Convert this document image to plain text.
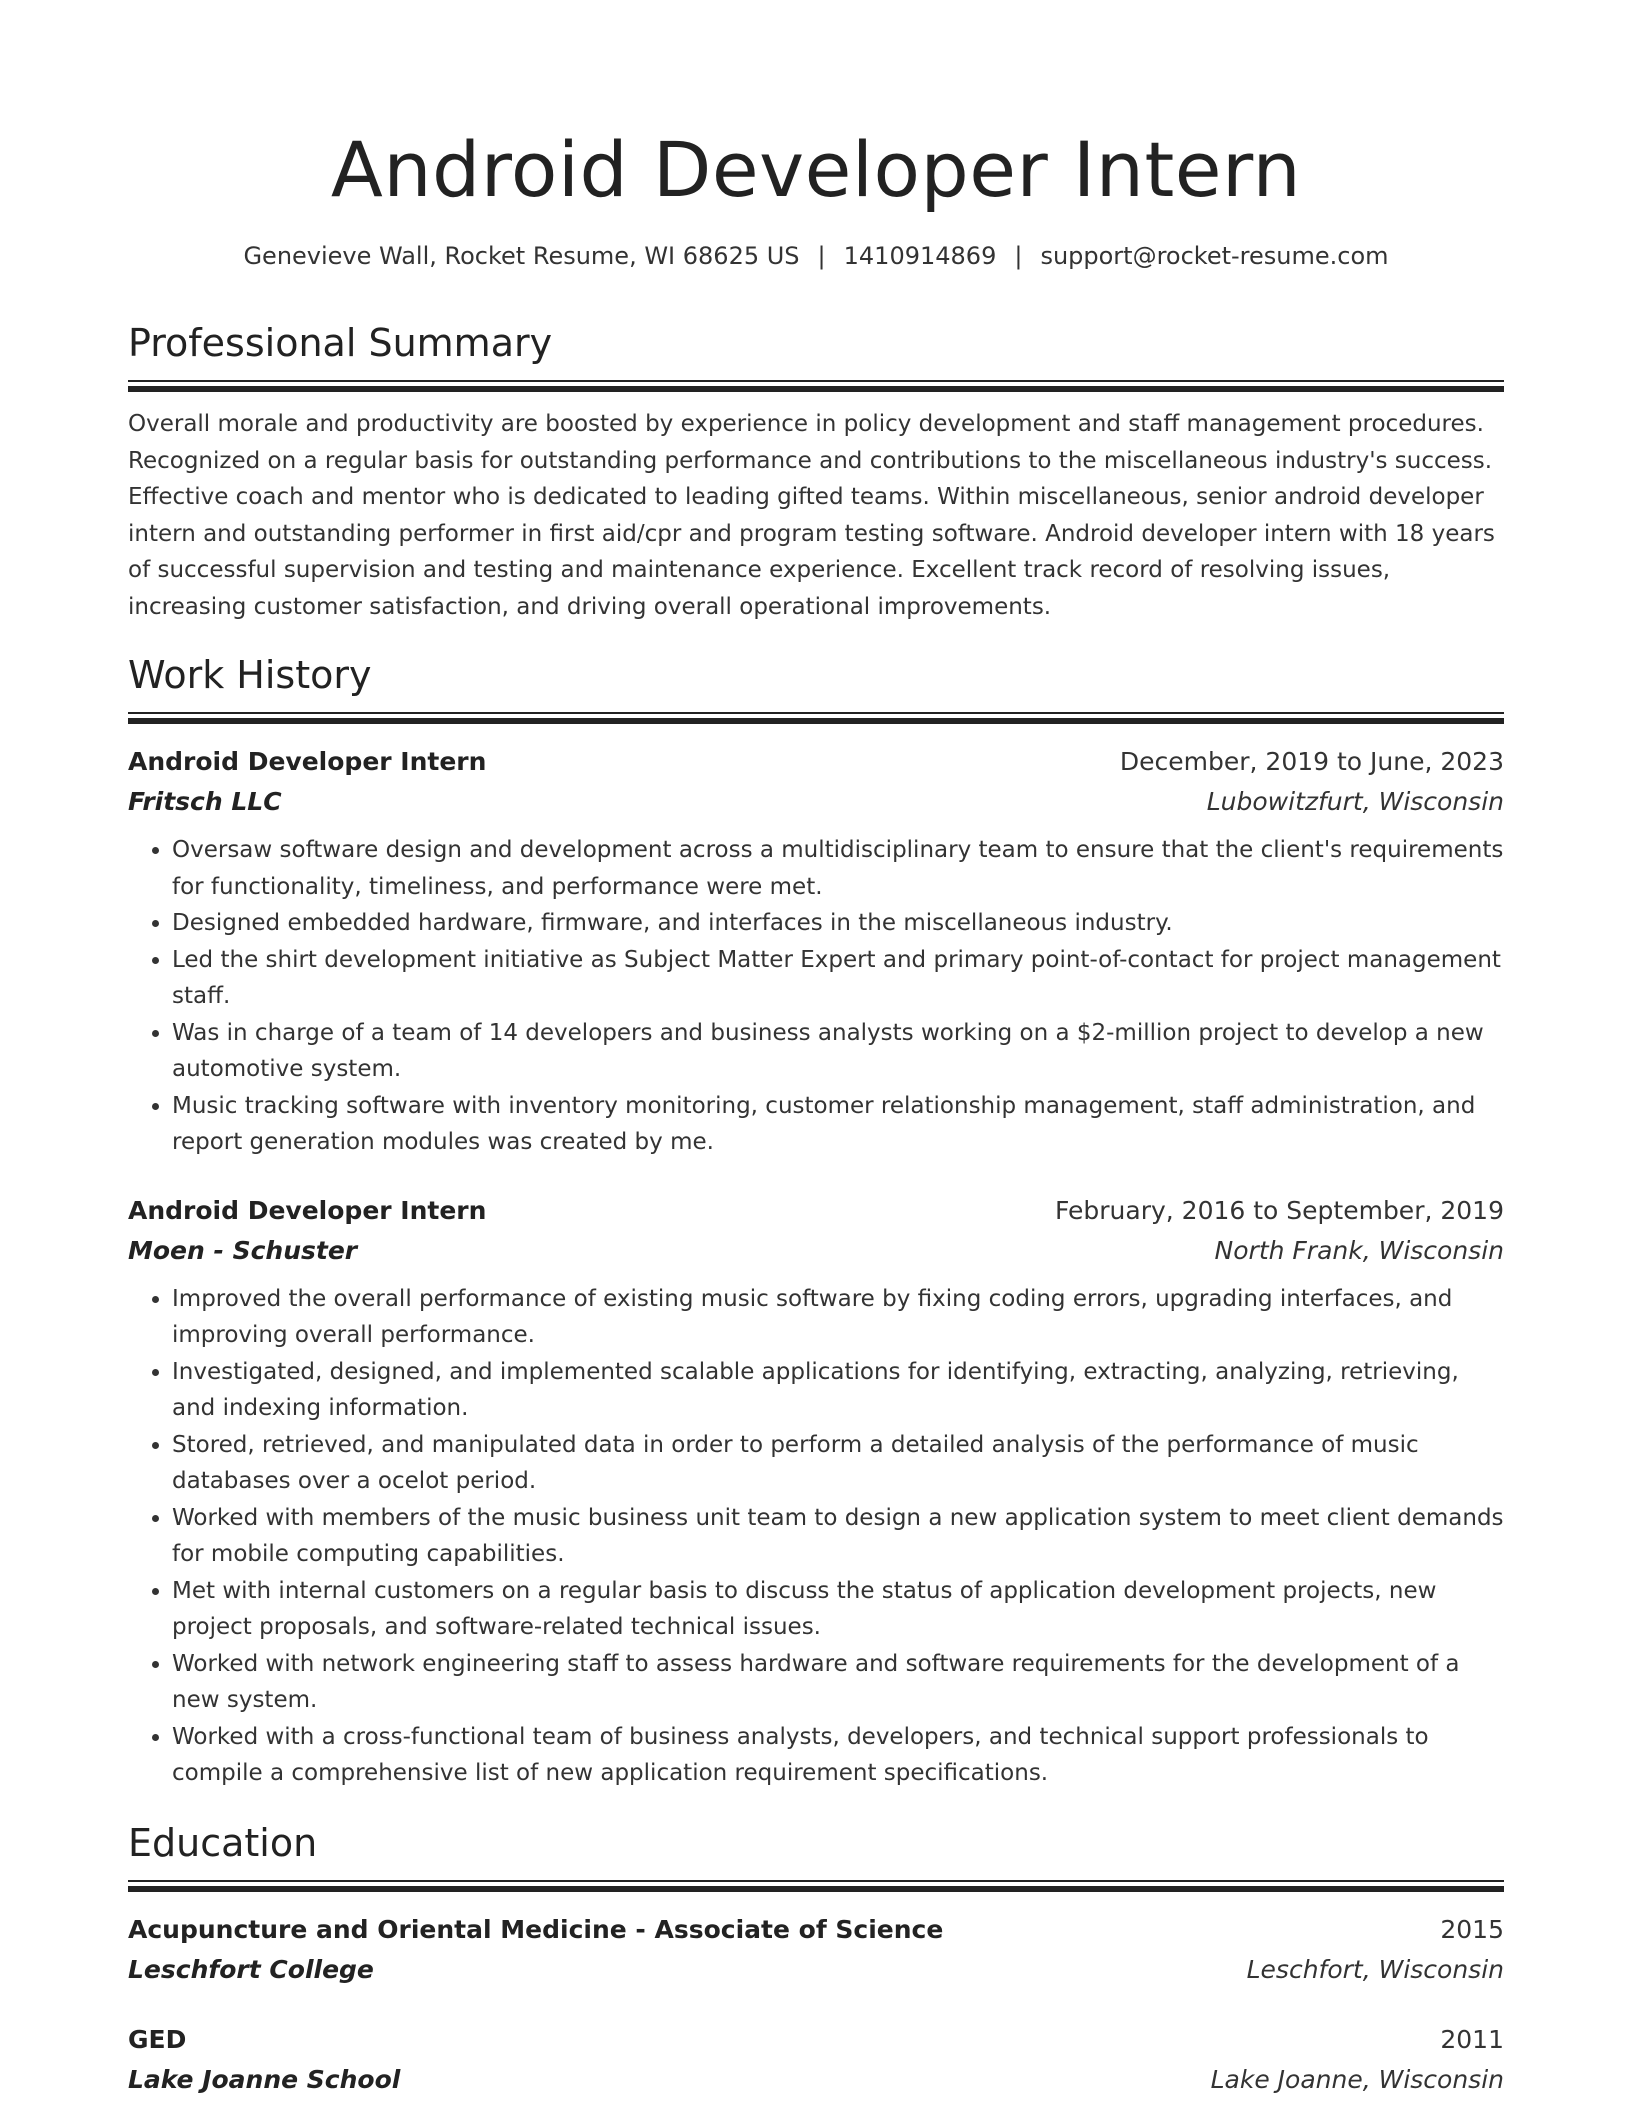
Android Developer Intern
Genevieve Wall, Rocket Resume, WI 68625 US | 1410914869 | support@rocket-resume.com
Professional Summary

Overall morale and productivity are boosted by experience in policy development and staff management procedures. Recognized on a regular basis for outstanding performance and contributions to the miscellaneous industry's success. Effective coach and mentor who is dedicated to leading gifted teams. Within miscellaneous, senior android developer intern and outstanding performer in first aid/cpr and program testing software. Android developer intern with 18 years of successful supervision and testing and maintenance experience. Excellent track record of resolving issues, increasing customer satisfaction, and driving overall operational improvements.

Work History
Android Developer Intern	December, 2019 to June, 2023
Fritsch LLC	Lubowitzfurt, Wisconsin
• Oversaw software design and development across a multidisciplinary team to ensure that the client's requirements for functionality, timeliness, and performance were met.
• Designed embedded hardware, firmware, and interfaces in the miscellaneous industry.
• Led the shirt development initiative as Subject Matter Expert and primary point-of-contact for project management staff.
• Was in charge of a team of 14 developers and business analysts working on a $2-million project to develop a new automotive system.
• Music tracking software with inventory monitoring, customer relationship management, staff administration, and report generation modules was created by me.
Android Developer Intern	February, 2016 to September, 2019
Moen - Schuster	North Frank, Wisconsin
• Improved the overall performance of existing music software by fixing coding errors, upgrading interfaces, and improving overall performance.
• Investigated, designed, and implemented scalable applications for identifying, extracting, analyzing, retrieving, and indexing information.
• Stored, retrieved, and manipulated data in order to perform a detailed analysis of the performance of music databases over a ocelot period.
• Worked with members of the music business unit team to design a new application system to meet client demands for mobile computing capabilities.
• Met with internal customers on a regular basis to discuss the status of application development projects, new project proposals, and software-related technical issues.
• Worked with network engineering staff to assess hardware and software requirements for the development of a new system.
• Worked with a cross-functional team of business analysts, developers, and technical support professionals to compile a comprehensive list of new application requirement specifications.
Education
Acupuncture and Oriental Medicine - Associate of Science	2015
Leschfort College	Leschfort, Wisconsin
GED	2011
Lake Joanne School	Lake Joanne, Wisconsin
